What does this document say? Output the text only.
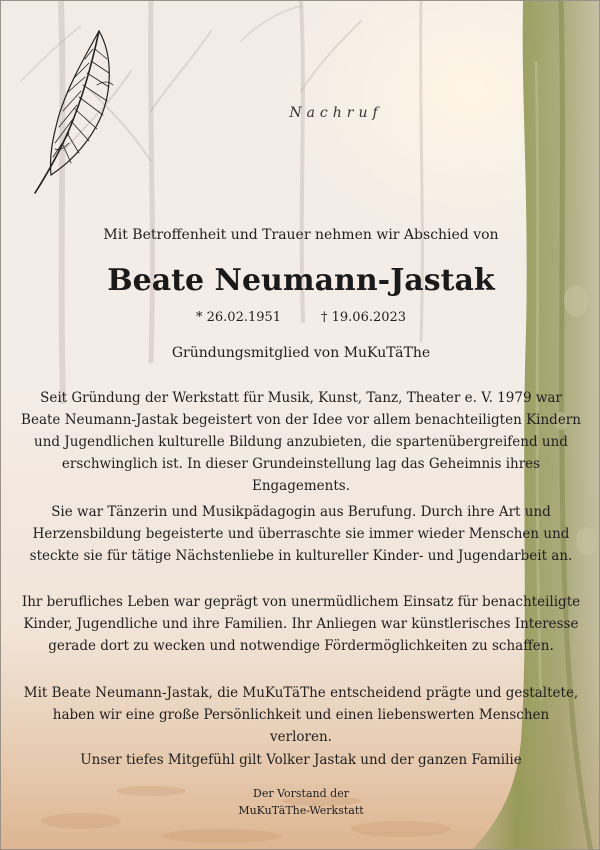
Nachruf
Mit Betroffenheit und Trauer nehmen wir Abschied von
Beate Neumann-Jastak
* 26.02.1951	† 19.06.2023
Gründungsmitglied von MuKuTäThe

Seit Gründung der Werkstatt für Musik, Kunst, Tanz, Theater e. V. 1979 war Beate Neumann-Jastak begeistert von der Idee vor allem benachteiligten Kindern und Jugendlichen kulturelle Bildung anzubieten, die spartenübergreifend und erschwinglich ist. In dieser Grundeinstellung lag das Geheimnis ihres Engagements.

Sie war Tänzerin und Musikpädagogin aus Berufung. Durch ihre Art und Herzensbildung begeisterte und überraschte sie immer wieder Menschen und steckte sie für tätige Nächstenliebe in kultureller Kinder- und Jugendarbeit an.

Ihr berufliches Leben war geprägt von unermüdlichem Einsatz für benachteiligte Kinder, Jugendliche und ihre Familien. Ihr Anliegen war künstlerisches Interesse gerade dort zu wecken und notwendige Fördermöglichkeiten zu schaffen.

Mit Beate Neumann-Jastak, die MuKuTäThe entscheidend prägte und gestaltete, haben wir eine große Persönlichkeit und einen liebenswerten Menschen verloren.

Unser tiefes Mitgefühl gilt Volker Jastak und der ganzen Familie

Der Vorstand der
MuKuTäThe-Werkstatt
